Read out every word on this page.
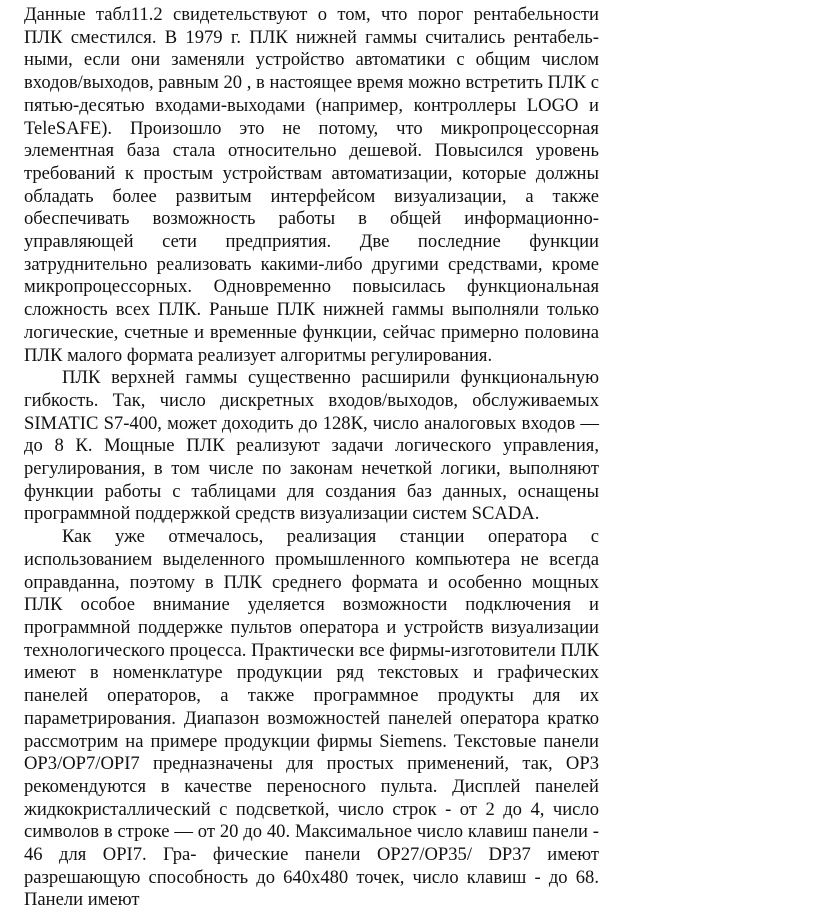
Данные табл11.2 свидетельствуют о том, что порог рентабельности ПЛК сместился. В 1979 г. ПЛК нижней гаммы считались рентабельными, если они заменяли устройство автоматики с общим числом входов/выходов, равным 20 , в настоящее время можно встретить ПЛК с пятью-десятью входами-выходами (например, контроллеры LOGO и TeleSAFE). Произошло это не потому, что микропроцессорная элементная база стала относительно дешевой. Повысился уровень требований к простым устройствам автоматизации, которые должны обладать более развитым интерфейсом визуализации, а также обеспечивать возможность работы в общей информационно-управляющей сети предприятия. Две последние функции затруднительно реализовать какими-либо другими средствами, кроме микропроцессорных. Одновременно повысилась функциональная сложность всех ПЛК. Раньше ПЛК нижней гаммы выполняли только логические, счетные и временные функции, сейчас примерно половина ПЛК малого формата реализует алгоритмы регулирования.

ПЛК верхней гаммы существенно расширили функциональную гибкость. Так, число дискретных входов/выходов, обслуживаемых SIMATIC S7-400, может доходить до 128К, число аналоговых входов — до 8 К. Мощные ПЛК реализуют задачи логического управления, регулирования, в том числе по законам нечеткой логики, выполняют функции работы с таблицами для создания баз данных, оснащены программной поддержкой средств визуализации систем SCADA.

Как уже отмечалось, реализация станции оператора с использованием выделенного промышленного компьютера не всегда оправданна, поэтому в ПЛК среднего формата и особенно мощных ПЛК особое внимание уделяется возможности подключения и программной поддержке пультов оператора и устройств визуализации технологического процесса. Практически все фирмы-изготовители ПЛК имеют в номенклатуре продукции ряд текстовых и графических панелей операторов, а также программное продукты для их параметрирования. Диапазон возможностей панелей оператора кратко рассмотрим на примере продукции фирмы Siemens. Текстовые панели OP3/OP7/OPI7 предназначены для простых применений, так, OP3 рекомендуются в качестве переносного пульта. Дисплей панелей жидкокристаллический с подсветкой, число строк - от 2 до 4, число символов в строке — от 20 до 40. Максимальное число клавиш панели - 46 для OPI7. Гра- фические панели OP27/OP35/ DP37 имеют разрешающую способность до 640x480 точек, число клавиш - до 68. Панели имеют
